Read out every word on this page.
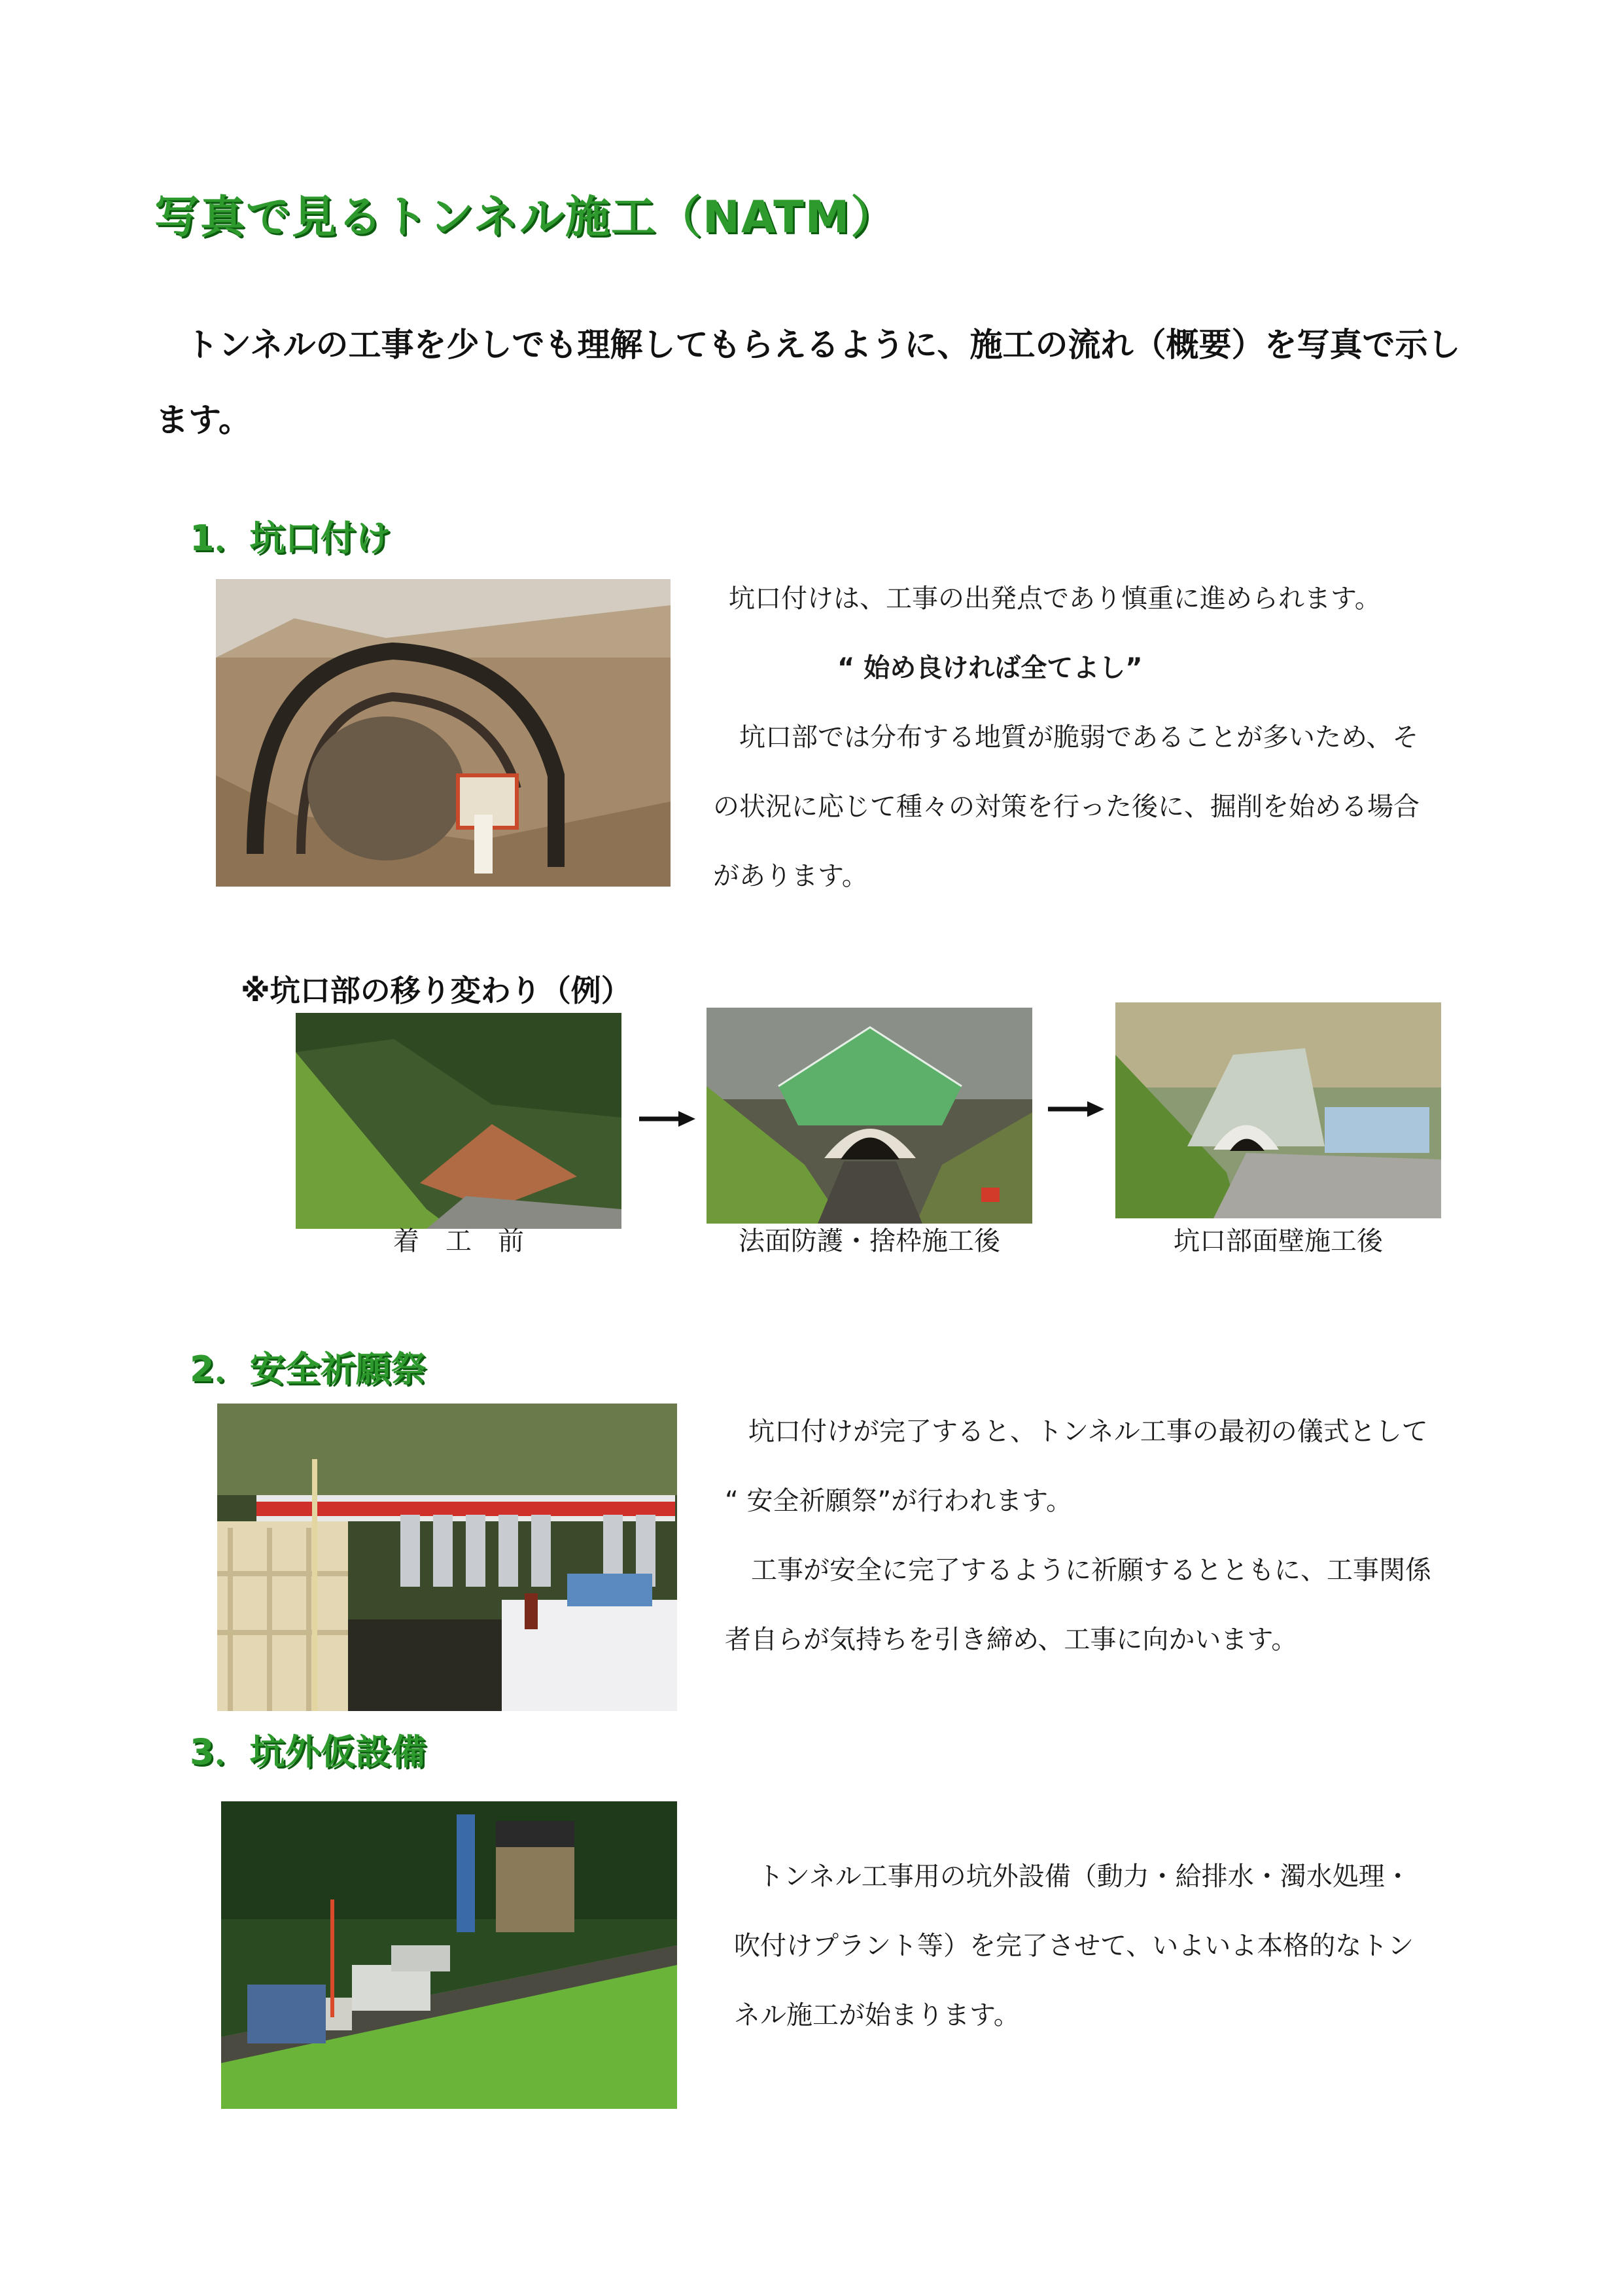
写真で見るトンネル施工（NATM）
トンネルの工事を少しでも理解してもらえるように、施工の流れ（概要）を写真で示し
ます。
1．坑口付け
坑口付けは、工事の出発点であり慎重に進められます。
“ 始め良ければ全てよし”
坑口部では分布する地質が脆弱であることが多いため、そ
の状況に応じて種々の対策を行った後に、掘削を始める場合
があります。
※坑口部の移り変わり（例）
着　工　前	法面防護・捨枠施工後	坑口部面壁施工後
2．安全祈願祭
坑口付けが完了すると、トンネル工事の最初の儀式として
“ 安全祈願祭”が行われます。
工事が安全に完了するように祈願するとともに、工事関係
者自らが気持ちを引き締め、工事に向かいます。
3．坑外仮設備
トンネル工事用の坑外設備（動力・給排水・濁水処理・
吹付けプラント等）を完了させて、いよいよ本格的なトン
ネル施工が始まります。
